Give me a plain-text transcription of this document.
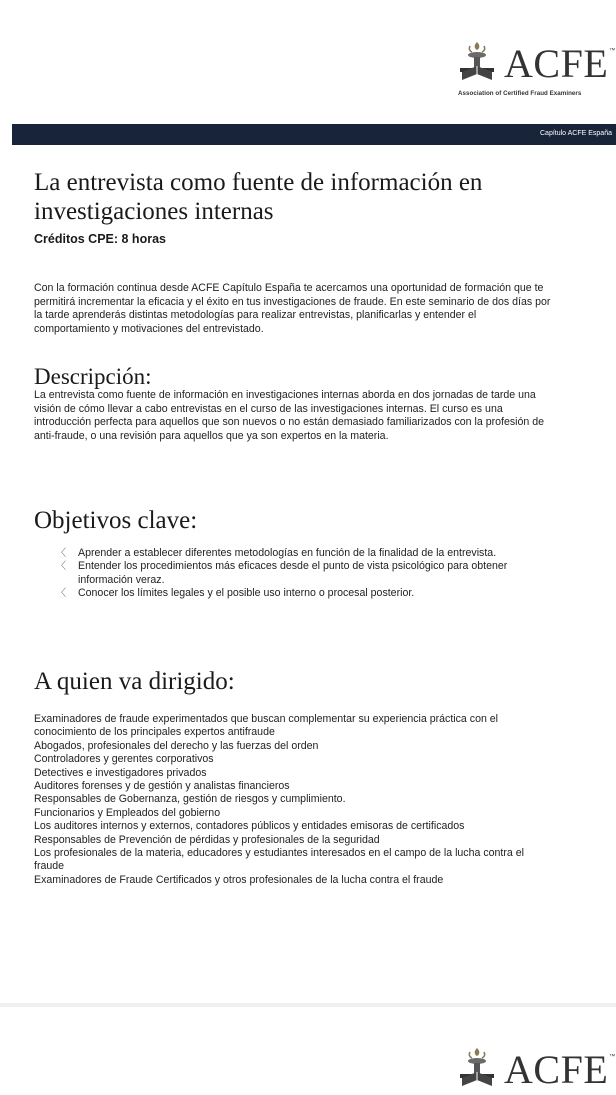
ACFE ™
Association of Certified Fraud Examiners
Capítulo ACFE España
La entrevista como fuente de información en investigaciones internas
Créditos CPE: 8 horas

Con la formación continua desde ACFE Capítulo España te acercamos una oportunidad de formación que te permitirá incrementar la eficacia y el éxito en tus investigaciones de fraude. En este seminario de dos días por la tarde aprenderás distintas metodologías para realizar entrevistas, planificarlas y entender el comportamiento y motivaciones del entrevistado.

Descripción:

La entrevista como fuente de información en investigaciones internas aborda en dos jornadas de tarde una visión de cómo llevar a cabo entrevistas en el curso de las investigaciones internas. El curso es una introducción perfecta para aquellos que son nuevos o no están demasiado familiarizados con la profesión de anti-fraude, o una revisión para aquellos que ya son expertos en la materia.

Objetivos clave:
〈 Aprender a establecer diferentes metodologías en función de la finalidad de la entrevista.
〈 Entender los procedimientos más eficaces desde el punto de vista psicológico para obtener información veraz.
〈 Conocer los límites legales y el posible uso interno o procesal posterior.
A quien va dirigido:
Examinadores de fraude experimentados que buscan complementar su experiencia práctica con el conocimiento de los principales expertos antifraude
Abogados, profesionales del derecho y las fuerzas del orden
Controladores y gerentes corporativos
Detectives e investigadores privados
Auditores forenses y de gestión y analistas financieros
Responsables de Gobernanza, gestión de riesgos y cumplimiento.
Funcionarios y Empleados del gobierno
Los auditores internos y externos, contadores públicos y entidades emisoras de certificados
Responsables de Prevención de pérdidas y profesionales de la seguridad
Los profesionales de la materia, educadores y estudiantes interesados en el campo de la lucha contra el fraude
Examinadores de Fraude Certificados y otros profesionales de la lucha contra el fraude
ACFE ™
